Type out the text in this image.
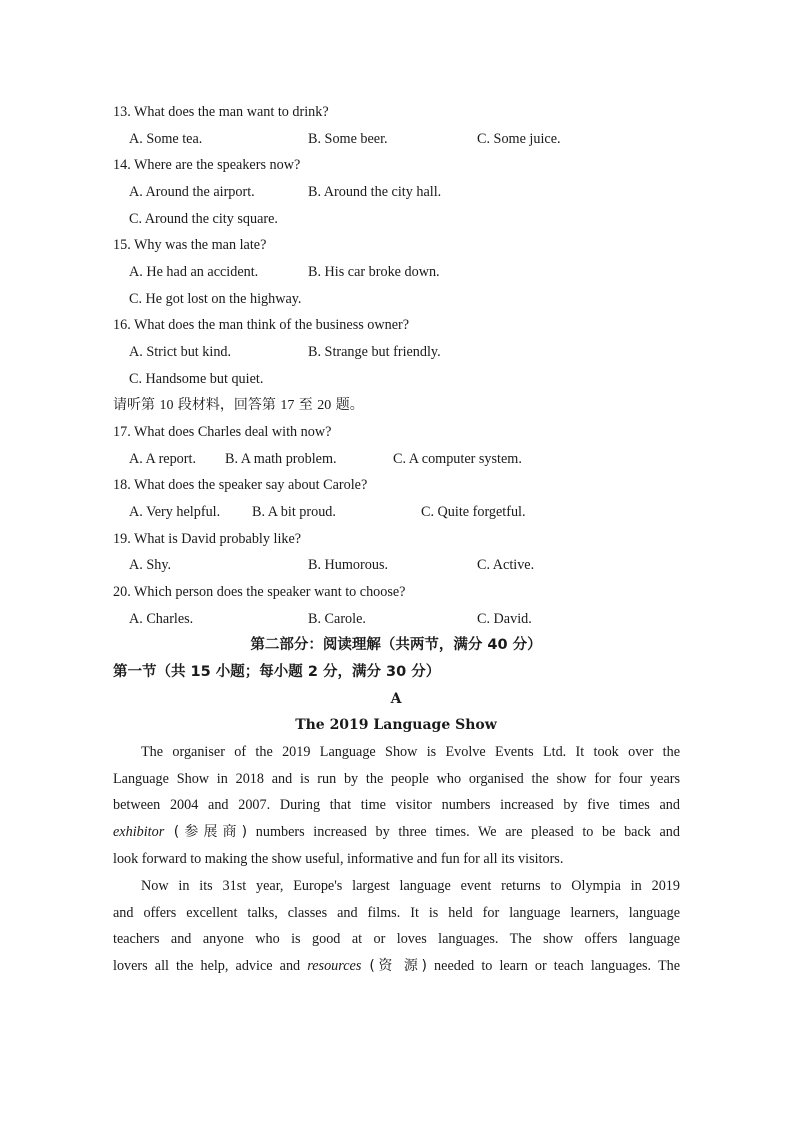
13. What does the man want to drink?
A. Some tea.	B. Some beer.	C. Some juice.
14. Where are the speakers now?
A. Around the airport.	B. Around the city hall.
C. Around the city square.
15. Why was the man late?
A. He had an accident.	B. His car broke down.
C. He got lost on the highway.
16. What does the man think of the business owner?
A. Strict but kind.	B. Strange but friendly.
C. Handsome but quiet.
请听第 10 段材料，回答第 17 至 20 题。
17. What does Charles deal with now?
A. A report. B. A math problem.	C. A computer system.
18. What does the speaker say about Carole?
A. Very helpful. B. A bit proud.	C. Quite forgetful.
19. What is David probably like?
A. Shy.	B. Humorous.	C. Active.
20. Which person does the speaker want to choose?
A. Charles.	B. Carole.	C. David.
第二部分：阅读理解（共两节，满分 40 分）
第一节（共 15 小题；每小题 2 分，满分 30 分）
A
The 2019 Language Show
The organiser of the 2019 Language Show is Evolve Events Ltd. It took over the
Language Show in 2018 and is run by the people who organised the show for four years
between 2004 and 2007. During that time visitor numbers increased by five times and
exhibitor (参展商) numbers increased by three times. We are pleased to be back and
look forward to making the show useful, informative and fun for all its visitors.
Now in its 31st year, Europe's largest language event returns to Olympia in 2019
and offers excellent talks, classes and films. It is held for language learners, language
teachers and anyone who is good at or loves languages. The show offers language
lovers all the help, advice and resources (资 源) needed to learn or teach languages. The
